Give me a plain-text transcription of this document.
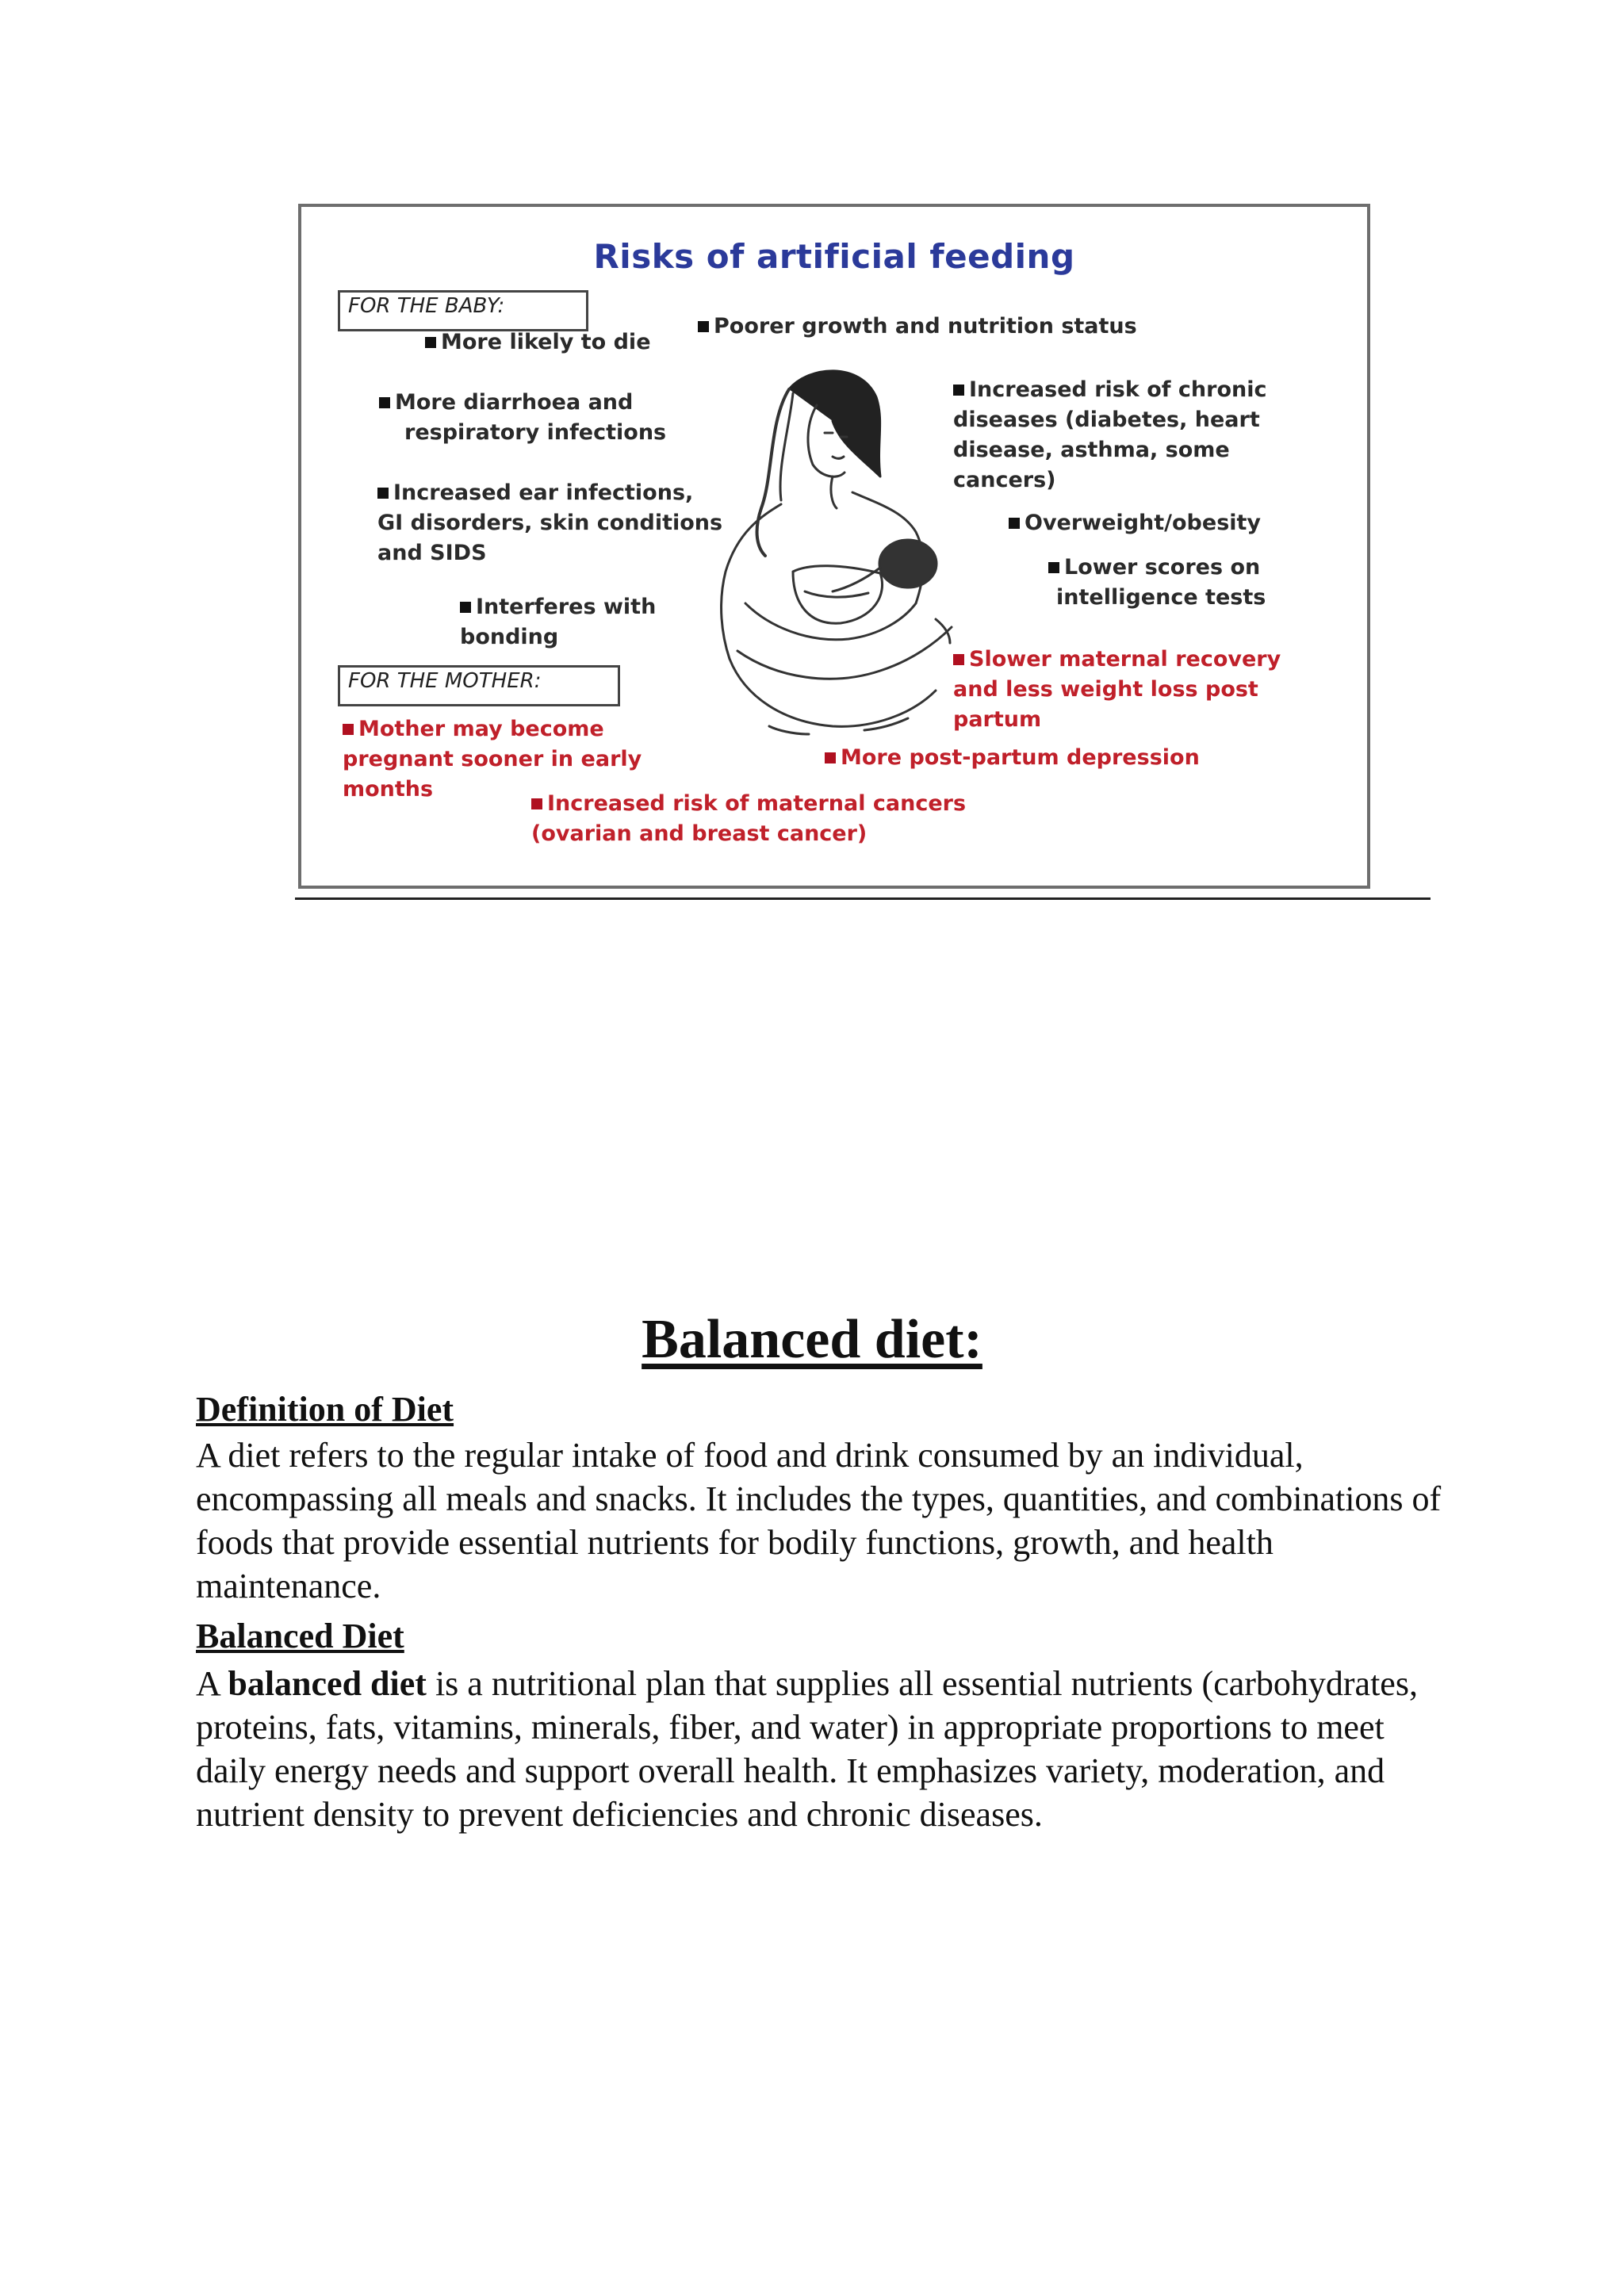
Risks of artificial feeding
FOR THE BABY:
More likely to die
Poorer growth and nutrition status
More diarrhoea and
respiratory infections
Increased risk of chronic
diseases (diabetes, heart
disease, asthma, some
cancers)
Increased ear infections,
GI disorders, skin conditions
and SIDS
Overweight/obesity
Lower scores on
intelligence tests
Interferes with
bonding
FOR THE MOTHER:
Slower maternal recovery
and less weight loss post
partum
Mother may become
pregnant sooner in early
months
More post-partum depression
Increased risk of maternal cancers
(ovarian and breast cancer)
Balanced diet:
Definition of Diet

A diet refers to the regular intake of food and drink consumed by an individual, encompassing all meals and snacks. It includes the types, quantities, and combinations of foods that provide essential nutrients for bodily functions, growth, and health maintenance.

Balanced Diet

A balanced diet is a nutritional plan that supplies all essential nutrients (carbohydrates, proteins, fats, vitamins, minerals, fiber, and water) in appropriate proportions to meet daily energy needs and support overall health. It emphasizes variety, moderation, and nutrient density to prevent deficiencies and chronic diseases.
